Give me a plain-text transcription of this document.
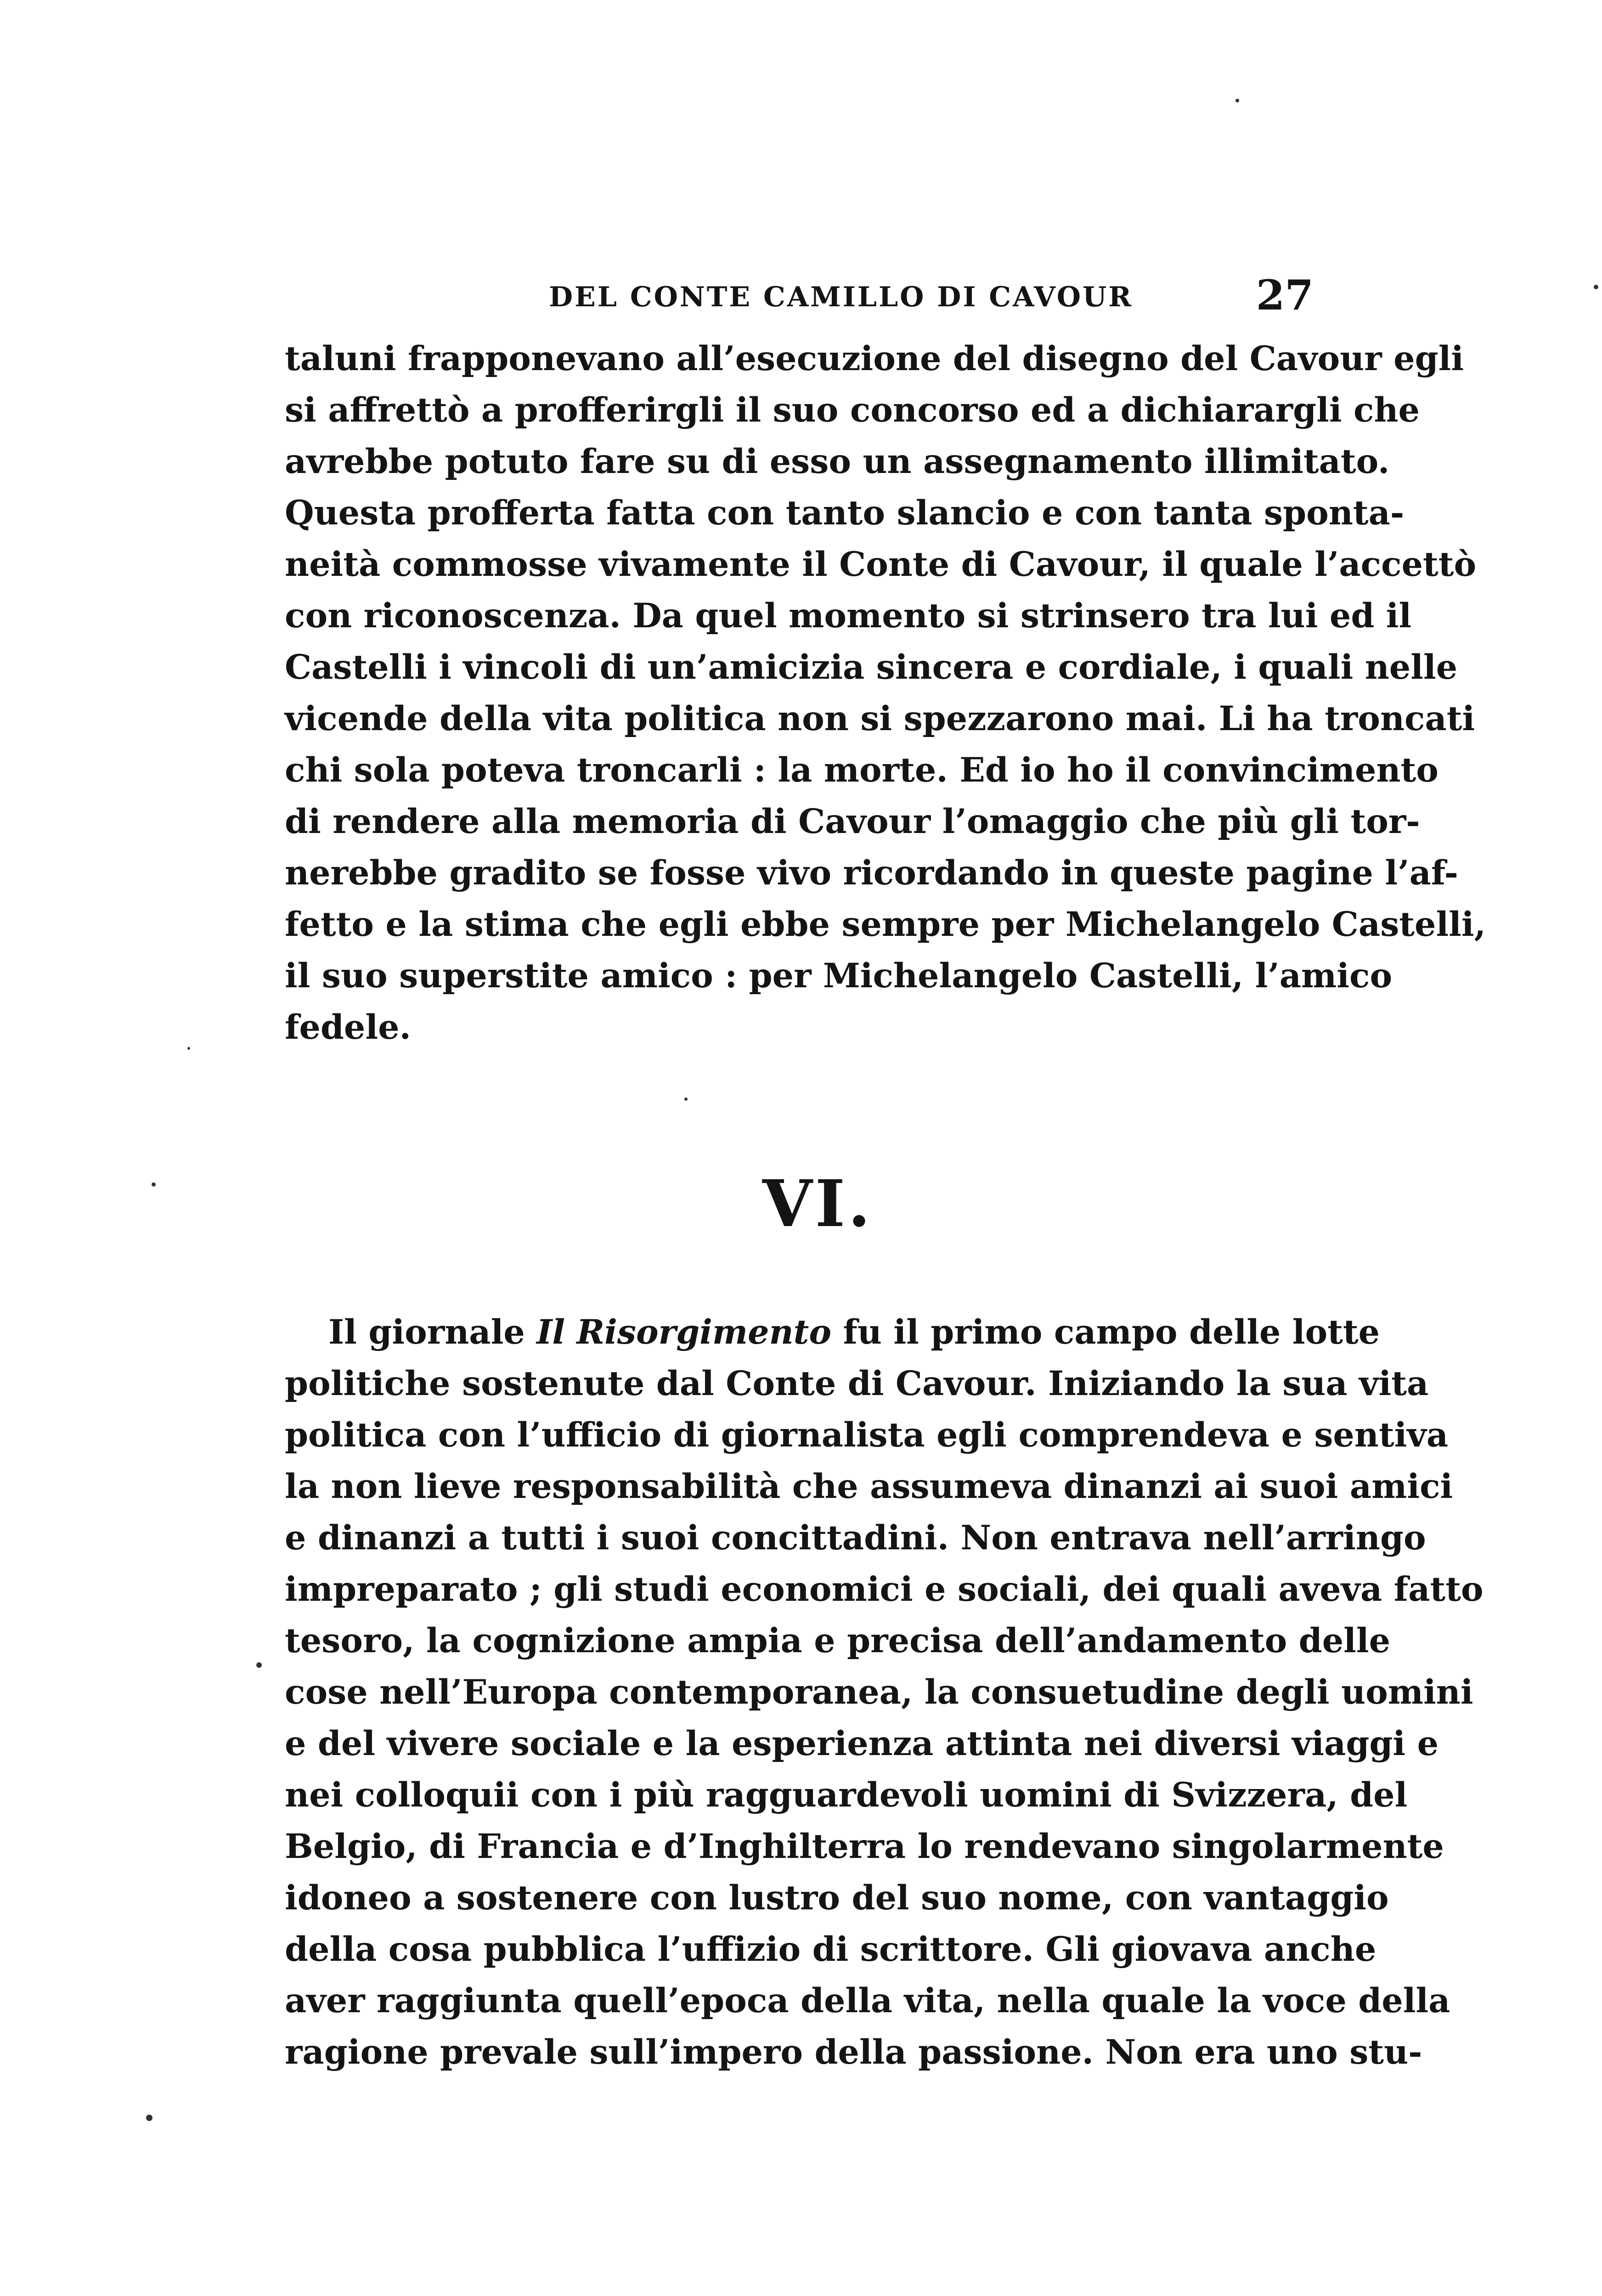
DEL CONTE CAMILLO DI CAVOUR	27
taluni frapponevano all’esecuzione del disegno del Cavour egli
si affrettò a profferirgli il suo concorso ed a dichiarargli che
avrebbe potuto fare su di esso un assegnamento illimitato.
Questa profferta fatta con tanto slancio e con tanta sponta-
neità commosse vivamente il Conte di Cavour, il quale l’accettò
con riconoscenza. Da quel momento si strinsero tra lui ed il
Castelli i vincoli di un’amicizia sincera e cordiale, i quali nelle
vicende della vita politica non si spezzarono mai. Li ha troncati
chi sola poteva troncarli : la morte. Ed io ho il convincimento
di rendere alla memoria di Cavour l’omaggio che più gli tor-
nerebbe gradito se fosse vivo ricordando in queste pagine l’af-
fetto e la stima che egli ebbe sempre per Michelangelo Castelli,
il suo superstite amico : per Michelangelo Castelli, l’amico
fedele.
VI.
Il giornale Il Risorgimento fu il primo campo delle lotte
politiche sostenute dal Conte di Cavour. Iniziando la sua vita
politica con l’ufficio di giornalista egli comprendeva e sentiva
la non lieve responsabilità che assumeva dinanzi ai suoi amici
e dinanzi a tutti i suoi concittadini. Non entrava nell’arringo
impreparato ; gli studi economici e sociali, dei quali aveva fatto
tesoro, la cognizione ampia e precisa dell’andamento delle
cose nell’Europa contemporanea, la consuetudine degli uomini
e del vivere sociale e la esperienza attinta nei diversi viaggi e
nei colloquii con i più ragguardevoli uomini di Svizzera, del
Belgio, di Francia e d’Inghilterra lo rendevano singolarmente
idoneo a sostenere con lustro del suo nome, con vantaggio
della cosa pubblica l’uffizio di scrittore. Gli giovava anche
aver raggiunta quell’epoca della vita, nella quale la voce della
ragione prevale sull’impero della passione. Non era uno stu-
